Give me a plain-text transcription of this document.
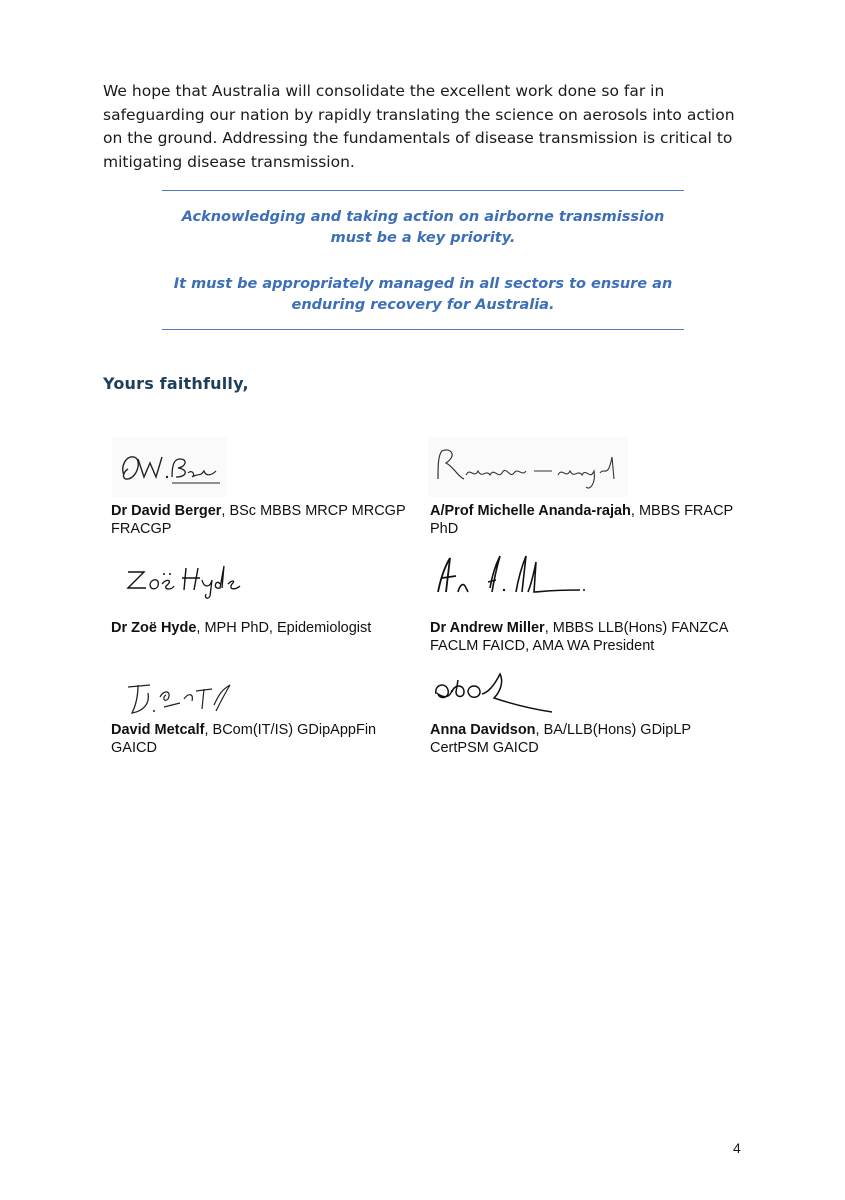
We hope that Australia will consolidate the excellent work done so far in safeguarding our nation by rapidly translating the science on aerosols into action on the ground. Addressing the fundamentals of disease transmission is critical to mitigating disease transmission.

Acknowledging and taking action on airborne transmission must be a key priority.

It must be appropriately managed in all sectors to ensure an enduring recovery for Australia.

Yours faithfully,

Dr David Berger, BSc MBBS MRCP MRCGP FRACGP

A/Prof Michelle Ananda-rajah, MBBS FRACP PhD

Dr Zoë Hyde, MPH PhD, Epidemiologist	Dr Andrew Miller, MBBS LLB(Hons) FANZCA FACLM FAICD, AMA WA President

David Metcalf, BCom(IT/IS) GDipAppFin GAICD

Anna Davidson, BA/LLB(Hons) GDipLP CertPSM GAICD

4
